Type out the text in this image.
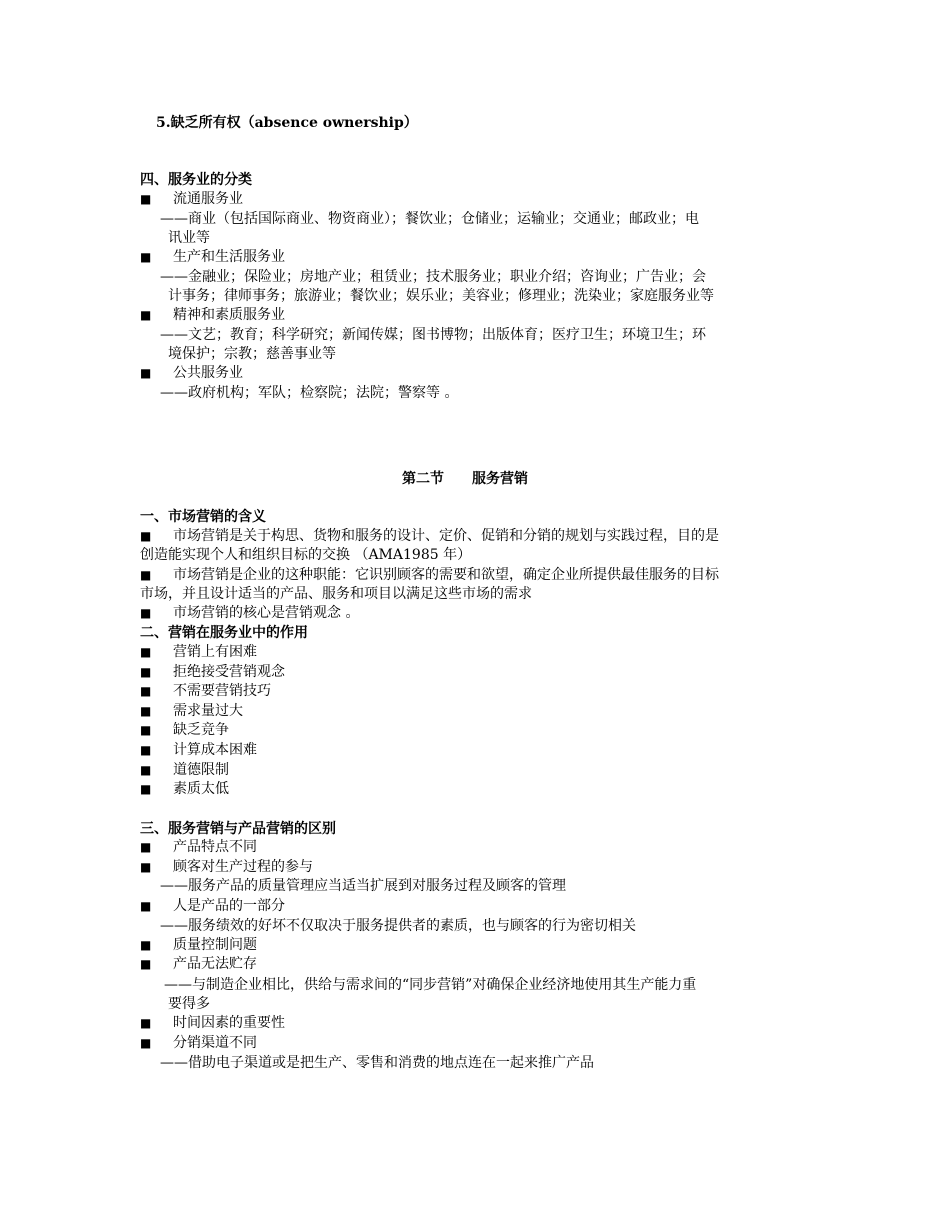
5.缺乏所有权（absence ownership）
四、服务业的分类
■ 流通服务业
——商业（包括国际商业、物资商业）；餐饮业；仓储业；运输业；交通业；邮政业；电
讯业等
■ 生产和生活服务业
——金融业；保险业；房地产业；租赁业；技术服务业；职业介绍；咨询业；广告业；会
计事务；律师事务；旅游业；餐饮业；娱乐业；美容业；修理业；洗染业；家庭服务业等
■ 精神和素质服务业
——文艺；教育；科学研究；新闻传媒；图书博物；出版体育；医疗卫生；环境卫生；环
境保护；宗教；慈善事业等
■ 公共服务业
——政府机构；军队；检察院；法院；警察等 。
第二节　　服务营销
一、市场营销的含义
■ 市场营销是关于构思、货物和服务的设计、定价、促销和分销的规划与实践过程，目的是
创造能实现个人和组织目标的交换 （AMA1985 年）
■ 市场营销是企业的这种职能：它识别顾客的需要和欲望，确定企业所提供最佳服务的目标
市场，并且设计适当的产品、服务和项目以满足这些市场的需求
■ 市场营销的核心是营销观念 。
二、营销在服务业中的作用
■ 营销上有困难
■ 拒绝接受营销观念
■ 不需要营销技巧
■ 需求量过大
■ 缺乏竞争
■ 计算成本困难
■ 道德限制
■ 素质太低
三、服务营销与产品营销的区别
■ 产品特点不同
■ 顾客对生产过程的参与
——服务产品的质量管理应当适当扩展到对服务过程及顾客的管理
■ 人是产品的一部分
——服务绩效的好坏不仅取决于服务提供者的素质，也与顾客的行为密切相关
■ 质量控制问题
■ 产品无法贮存
——与制造企业相比，供给与需求间的“同步营销”对确保企业经济地使用其生产能力重
要得多
■ 时间因素的重要性
■ 分销渠道不同
——借助电子渠道或是把生产、零售和消费的地点连在一起来推广产品
